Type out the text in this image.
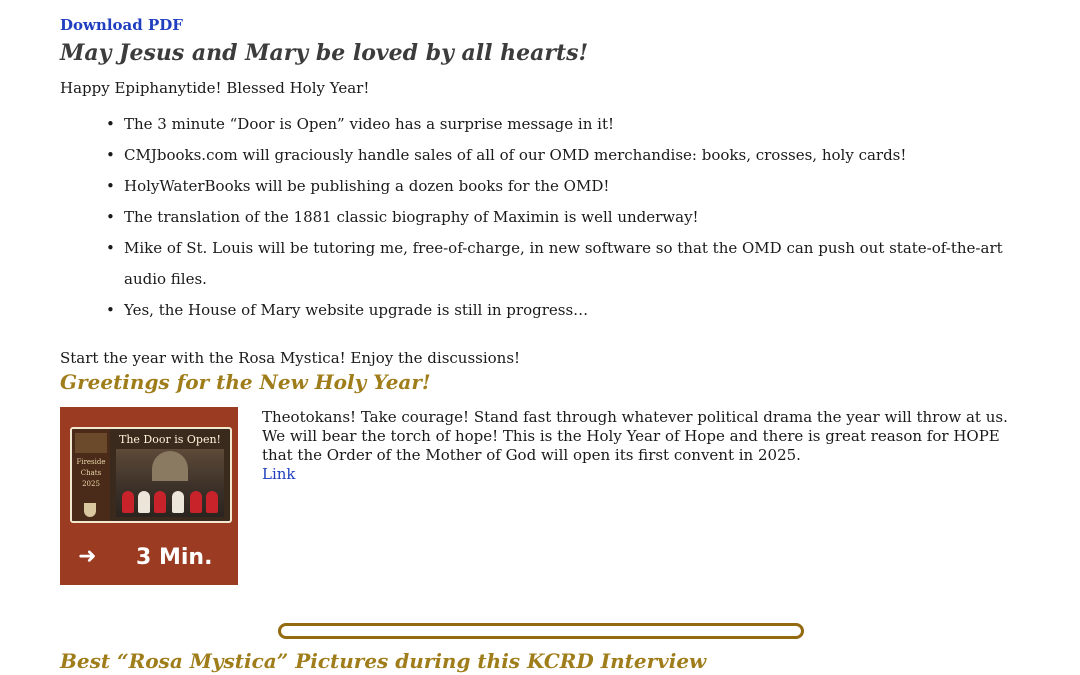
Download PDF
May Jesus and Mary be loved by all hearts!

Happy Epiphanytide! Blessed Holy Year!

• The 3 minute “Door is Open” video has a surprise message in it!
• CMJbooks.com will graciously handle sales of all of our OMD merchandise: books, crosses, holy cards!
• HolyWaterBooks will be publishing a dozen books for the OMD!
• The translation of the 1881 classic biography of Maximin is well underway!
• Mike of St. Louis will be tutoring me, free-of-charge, in new software so that the OMD can push out state-of-the-art audio files.
• Yes, the House of Mary website upgrade is still in progress…

Start the year with the Rosa Mystica! Enjoy the discussions!

Greetings for the New Holy Year!
Fireside Chats 2025
The Door is Open!
➜ 3 Min.

Theotokans! Take courage! Stand fast through whatever political drama the year will throw at us. We will bear the torch of hope! This is the Holy Year of Hope and there is great reason for HOPE that the Order of the Mother of God will open its first convent in 2025.

Link
Best “Rosa Mystica” Pictures during this KCRD Interview
